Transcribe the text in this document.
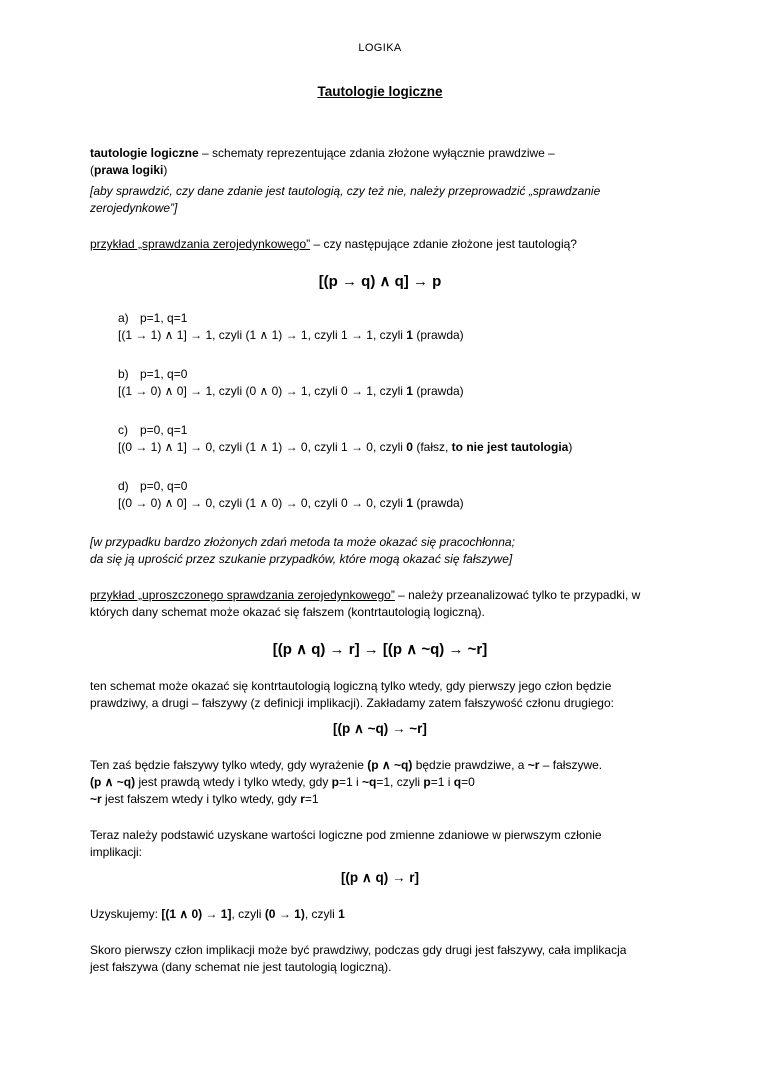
LOGIKA
Tautologie logiczne

tautologie logiczne – schematy reprezentujące zdania złożone wyłącznie prawdziwe –
(prawa logiki)

[aby sprawdzić, czy dane zdanie jest tautologią, czy też nie, należy przeprowadzić „sprawdzanie
zerojedynkowe”]

przykład „sprawdzania zerojedynkowego” – czy następujące zdanie złożone jest tautologią?

[(p → q) ∧ q] → p
a) p=1, q=1
[(1 → 1) ∧ 1] → 1, czyli (1 ∧ 1) → 1, czyli 1 → 1, czyli 1 (prawda)
b) p=1, q=0
[(1 → 0) ∧ 0] → 1, czyli (0 ∧ 0) → 1, czyli 0 → 1, czyli 1 (prawda)
c) p=0, q=1
[(0 → 1) ∧ 1] → 0, czyli (1 ∧ 1) → 0, czyli 1 → 0, czyli 0 (fałsz, to nie jest tautologia)
d) p=0, q=0
[(0 → 0) ∧ 0] → 0, czyli (1 ∧ 0) → 0, czyli 0 → 0, czyli 1 (prawda)

[w przypadku bardzo złożonych zdań metoda ta może okazać się pracochłonna;
da się ją uprościć przez szukanie przypadków, które mogą okazać się fałszywe]

przykład „uproszczonego sprawdzania zerojedynkowego” – należy przeanalizować tylko te przypadki, w
których dany schemat może okazać się fałszem (kontrtautologią logiczną).

[(p ∧ q) → r] → [(p ∧ ~q) → ~r]

ten schemat może okazać się kontrtautologią logiczną tylko wtedy, gdy pierwszy jego człon będzie
prawdziwy, a drugi – fałszywy (z definicji implikacji). Zakładamy zatem fałszywość członu drugiego:

[(p ∧ ~q) → ~r]

Ten zaś będzie fałszywy tylko wtedy, gdy wyrażenie (p ∧ ~q) będzie prawdziwe, a ~r – fałszywe.
(p ∧ ~q) jest prawdą wtedy i tylko wtedy, gdy p=1 i ~q=1, czyli p=1 i q=0
~r jest fałszem wtedy i tylko wtedy, gdy r=1

Teraz należy podstawić uzyskane wartości logiczne pod zmienne zdaniowe w pierwszym członie
implikacji:

[(p ∧ q) → r]

Uzyskujemy: [(1 ∧ 0) → 1], czyli (0 → 1), czyli 1

Skoro pierwszy człon implikacji może być prawdziwy, podczas gdy drugi jest fałszywy, cała implikacja
jest fałszywa (dany schemat nie jest tautologią logiczną).
